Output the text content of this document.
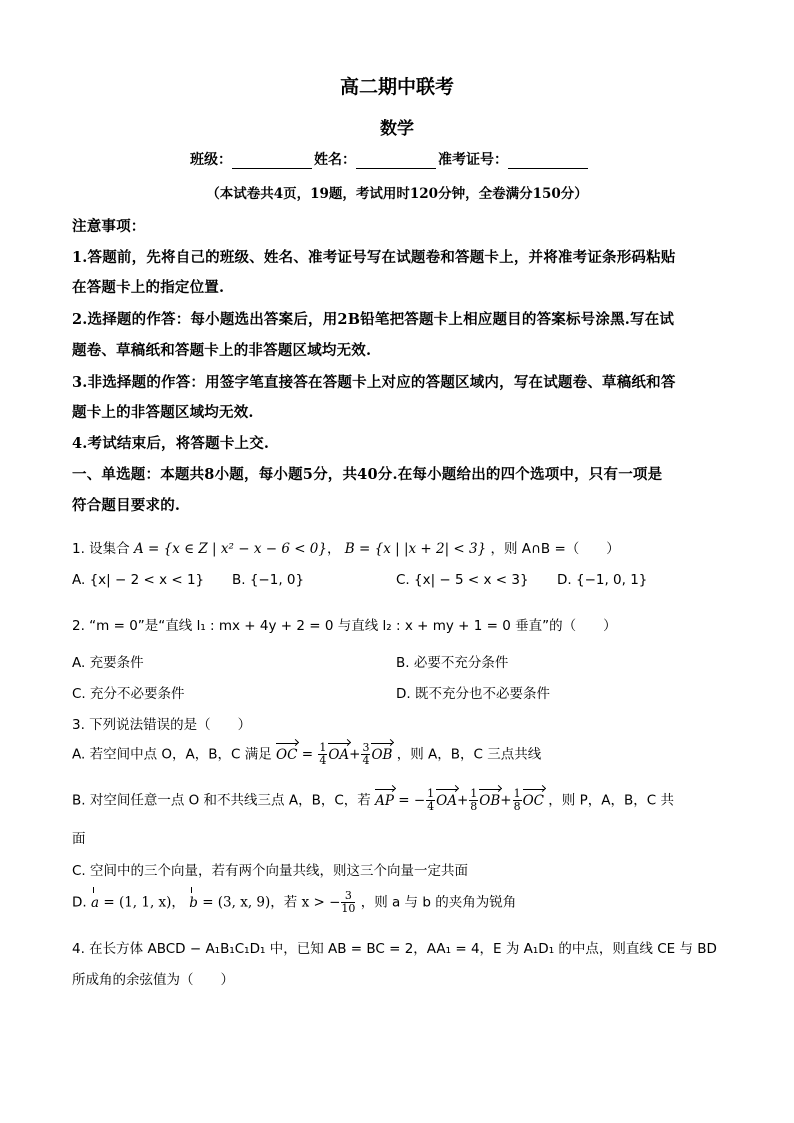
高二期中联考
数学
班级：	姓名：	准考证号：
（本试卷共4页，19题，考试用时120分钟，全卷满分150分）
注意事项：
1.答题前，先将自己的班级、姓名、准考证号写在试题卷和答题卡上，并将准考证条形码粘贴
在答题卡上的指定位置.
2.选择题的作答：每小题选出答案后，用2B铅笔把答题卡上相应题目的答案标号涂黑.写在试
题卷、草稿纸和答题卡上的非答题区域均无效.
3.非选择题的作答：用签字笔直接答在答题卡上对应的答题区域内，写在试题卷、草稿纸和答
题卡上的非答题区域均无效.
4.考试结束后，将答题卡上交.
一、单选题：本题共8小题，每小题5分，共40分.在每小题给出的四个选项中，只有一项是
符合题目要求的.
1. 设集合 A = {x ∈ Z | x² − x − 6 < 0}， B = {x | |x + 2| < 3} ，则 A∩B =（　　）
A. {x| − 2 < x < 1} B. {−1, 0}	C. {x| − 5 < x < 3} D. {−1, 0, 1}
2. “m = 0”是“直线 l₁ : mx + 4y + 2 = 0 与直线 l₂ : x + my + 1 = 0 垂直”的（　　）
A. 充要条件	B. 必要不充分条件
C. 充分不必要条件	D. 既不充分也不必要条件
3. 下列说法错误的是（　　）
A. 若空间中点 O，A，B，C 满足 OC = $\frac{1}{4} OA+ \frac{3}{4}$ OB ，则 A，B，C 三点共线
B. 对空间任意一点 O 和不共线三点 A，B，C，若 AP = − $\frac{1}{4} OA+ \frac{1}{8} OB+ \frac{1}{8}$ OC ，则 P，A，B，C 共
面
C. 空间中的三个向量，若有两个向量共线，则这三个向量一定共面
D. a = (1, 1, x)， b = (3, x, 9)，若 x > − $\frac{3}{10}$ ，则 a 与 b 的夹角为锐角
4. 在长方体 ABCD − A₁B₁C₁D₁ 中，已知 AB = BC = 2，AA₁ = 4，E 为 A₁D₁ 的中点，则直线 CE 与 BD
所成角的余弦值为（　　）
